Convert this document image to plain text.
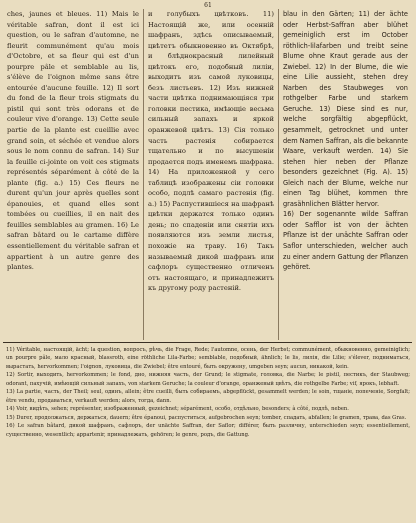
61

ches, jaunes et bleues. 11) Mais le véritable safran, dont il est ici question, ou le safran d'automne, ne fleurit communément qu'au mois d'Octobre, et sa fleur qui est d'un pourpre pâle et semblable au lis, s'élève de l'oignon même sans être entourée d'aucune feuille. 12) Il sort du fond de la fleur trois stigmats du pistil qui sont très odorans et de couleur vive d'orange. 13) Cette seule partie de la plante est cueillie avec grand soin, et séchée et vendue alors sous le nom connu de safran. 14) Sur la feuille ci-jointe on voit ces stigmats représentés séparément à côté de la plante (fig. a.) 15) Ces fleurs ne durent qu'un jour après quelles sont épanouies, et quand elles sont tombées ou cueillies, il en nait des feuilles semblables au gramen. 16) Le safran bâtard ou le cartame diffère essentiellement du véritable safran et appartient à un autre genre des plantes.

и голубыхъ цвѣтковъ. 11) Настоящій же, или осенній шафранъ, здѣсь описываемый, цвѣтетъ обыкновенно въ Октябрѣ, и блѣднокрасный лилейный цвѣтокъ его, подобный лиліи, выходитъ изъ самой луковицы, безъ листьевъ. 12) Изъ нижней части цвѣтка поднимающіяся три головки пестика, имѣющіе весьма сильный запахъ и яркой оранжевой цвѣтъ. 13) Сія только часть растенія собирается тщательно и по высушеніи продается подъ именемъ шафрана. 14) На приложенной у сего таблицѣ изображены сіи головки особо, подлѣ самаго растенія (fig. a.) 15) Распустившіеся на шафранѣ цвѣтки держатся только одинъ день; по спаденіи или снятіи ихъ появляются изъ земли листья, похожіе на траву. 16) Такъ называемый дикой шафранъ или сафлоръ существенно отличенъ отъ настоящаго, и принадлежитъ къ другому роду растеній.

blau in den Gärten; 11) der ächte oder Herbst-Saffran aber blühet gemeiniglich erst im October röthlich-lilafarben und treibt seine Blume ohne Kraut gerade aus der Zwiebel. 12) In der Blume, die wie eine Lilie aussieht, stehen drey Narben des Staubweges von rothgelber Farbe und starkem Geruche. 13) Diese sind es nur, welche sorgfältig abgepflückt, gesammelt, getrocknet und unter dem Namen Saffran, als die bekannte Waare, verkauft werden. 14) Sie stehen hier neben der Pflanze besonders gezeichnet (Fig. A). 15) Gleich nach der Blume, welche nur einen Tag blühet, kommen thre grasähnlichen Blätter hervor.

16) Der sogenannte wilde Saffran oder Safflor ist von der ächten Pflanze ist der unächte Saffran oder Saflor unterschieden, welcher auch zu einer andern Gattung der Pflanzen gehöret.

11) Véritable, настоящій, ächt; la question, вопросъ, рѣчь, die Frage, Rede; l'automne, осень, der Herbst; communément, обыкновенно, gemeiniglich; un pourpre pâle, мало красный, blassroth, eine röthliche Lila-Farbe; semblable, подобный, ähnlich; le lis, лилія, die Lilie; s'élever, подниматься, вырастать, hervorkommen; l'oignon, луковица, die Zwiebel; être entouré, быть окружену, umgeben seyn; aucun, никакой, kein.

12) Sortir, выходить, hervorkommen; le fond, дно, нижняя часть, der Grund; le stigmate, головка, die Narbe; le pistil, пестикъ, der Staubweg; odorant, пахучій, имѣющій сильный запахъ, von starkem Geruche; la couleur d'orange, оранжевый цвѣтъ, die rothgelbe Farbe; vif, ярокъ, lebhaft.

13) La partie, часть, der Theil; seul, одинъ, allein; être cueilli, быть собираемъ, abgepflückt, gesammelt werden; le soin, тщаніе, попеченіе, Sorgfalt; être vendu, продаваться, verkauft werden; alors, тогда, dann.

14) Voir, видѣть, sehen; représenter, изображенный, gezeichnet; séparément, особо, отдѣльно, besonders; à côté, подлѣ, neben.

15) Durer, продолжаться, держаться, dauern; être épanoui, распуститься, aufgebrochen seyn; tomber, спадать, abfallen; le gramen, трава, das Gras.

16) Le safran bâtard, дикой шафранъ, сафлоръ, der unächte Saffran, der Saflor; différer, быть различну, unterschieden seyn; essentiellement, существенно, wesentlich; appartenir, принадлежать, gehören; le genre, родъ, die Gattung.
